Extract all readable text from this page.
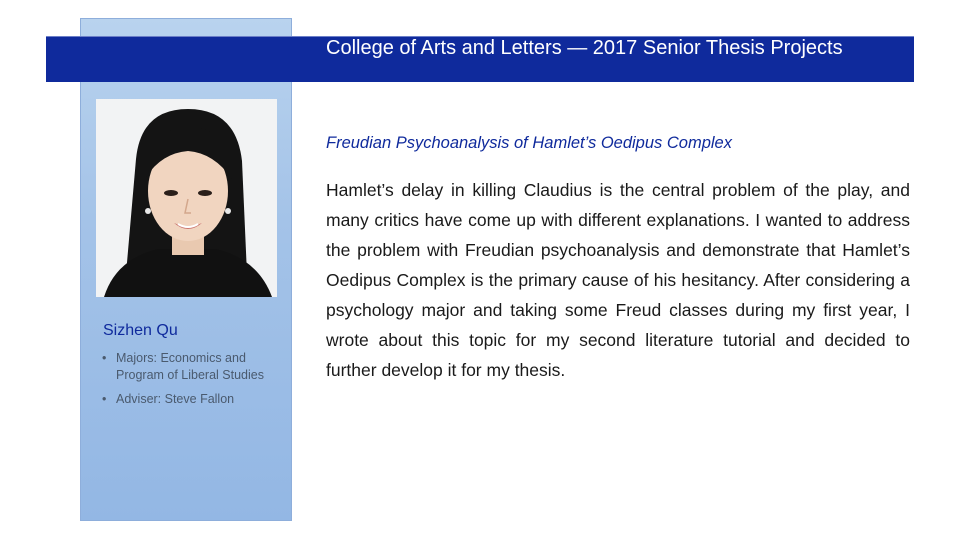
College of Arts and Letters — 2017 Senior Thesis Projects
Sizhen Qu
• Majors: Economics and Program of Liberal Studies
• Adviser: Steve Fallon
Freudian Psychoanalysis of Hamlet’s Oedipus Complex

Hamlet’s delay in killing Claudius is the central problem of the play, and many critics have come up with different explanations. I wanted to address the problem with Freudian psychoanalysis and demonstrate that Hamlet’s Oedipus Complex is the primary cause of his hesitancy. After considering a psychology major and taking some Freud classes during my first year, I wrote about this topic for my second literature tutorial and decided to further develop it for my thesis.
